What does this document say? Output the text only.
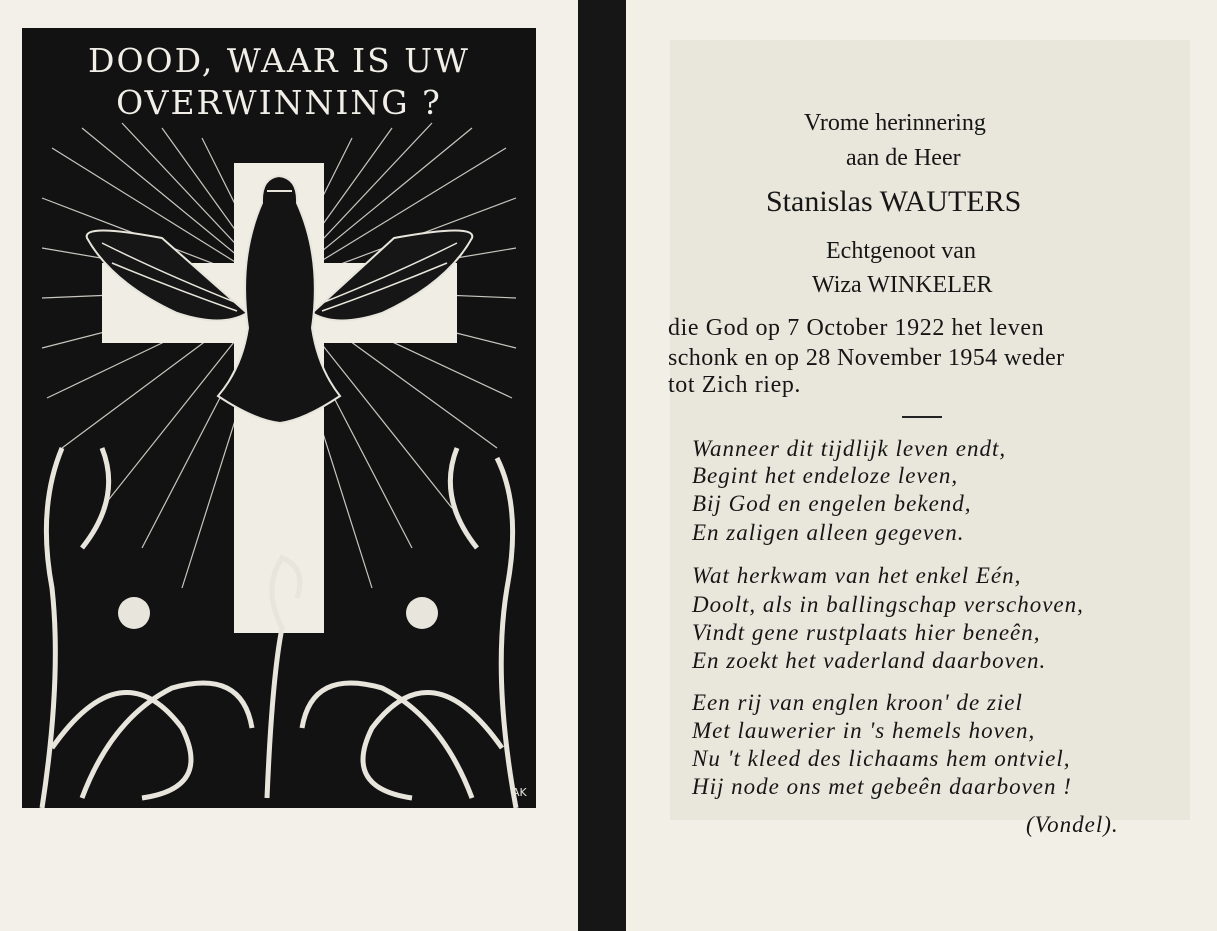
DOOD, WAAR IS UW
OVERWINNING ?
AK
Vrome herinnering
aan de Heer
Stanislas WAUTERS
Echtgenoot van
Wiza WINKELER
die God op 7 October 1922 het leven
schonk en op 28 November 1954 weder
tot Zich riep.
Wanneer dit tijdlijk leven endt,
Begint het endeloze leven,
Bij God en engelen bekend,
En zaligen alleen gegeven.
Wat herkwam van het enkel Eén,
Doolt, als in ballingschap verschoven,
Vindt gene rustplaats hier beneên,
En zoekt het vaderland daarboven.
Een rij van englen kroon' de ziel
Met lauwerier in 's hemels hoven,
Nu 't kleed des lichaams hem ontviel,
Hij node ons met gebeên daarboven !
(Vondel).
